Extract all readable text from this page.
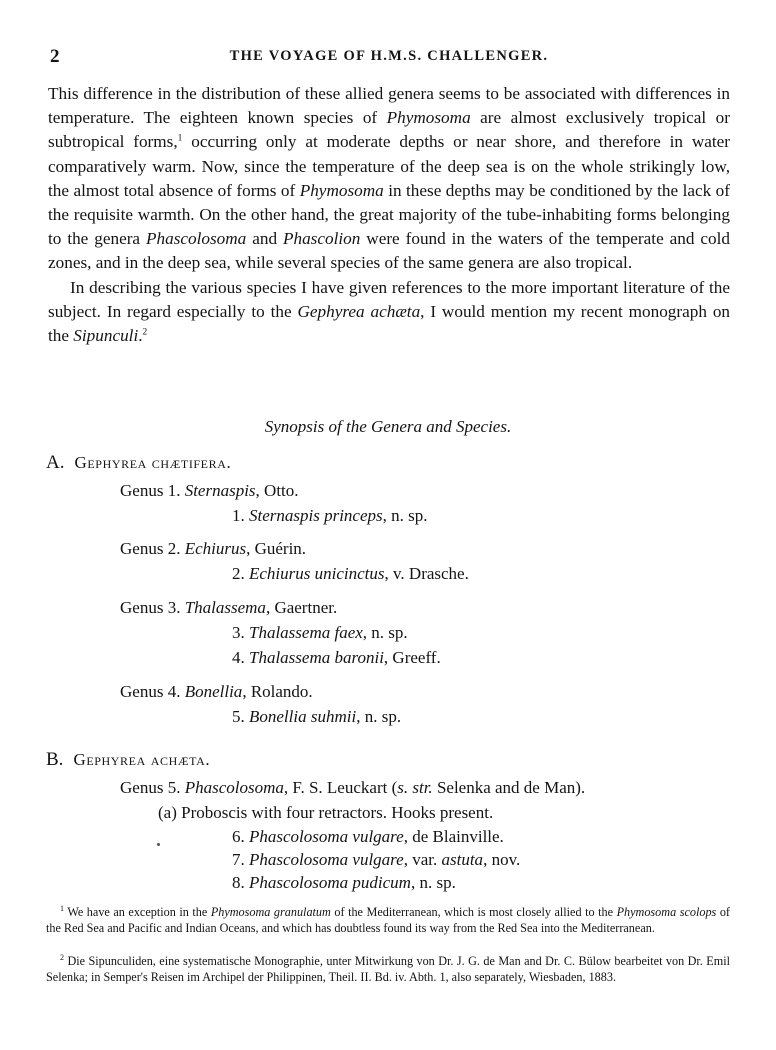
2	THE VOYAGE OF H.M.S. CHALLENGER.

This difference in the distribution of these allied genera seems to be associated with differences in temperature. The eighteen known species of Phymosoma are almost exclusively tropical or subtropical forms,$^1$ occurring only at moderate depths or near shore, and therefore in water comparatively warm. Now, since the temperature of the deep sea is on the whole strikingly low, the almost total absence of forms of Phymosoma in these depths may be conditioned by the lack of the requisite warmth. On the other hand, the great majority of the tube-inhabiting forms belonging to the genera Phascolosoma and Phascolion were found in the waters of the temperate and cold zones, and in the deep sea, while several species of the same genera are also tropical.

In describing the various species I have given references to the more important literature of the subject. In regard especially to the Gephyrea achæta, I would mention my recent monograph on the Sipunculi.$^2$

Synopsis of the Genera and Species.
A. Gephyrea chætifera.
Genus 1. Sternaspis, Otto.
1. Sternaspis princeps, n. sp.
Genus 2. Echiurus, Guérin.
2. Echiurus unicinctus, v. Drasche.
Genus 3. Thalassema, Gaertner.
3. Thalassema faex, n. sp.
4. Thalassema baronii, Greeff.
Genus 4. Bonellia, Rolando.
5. Bonellia suhmii, n. sp.
B. Gephyrea achæta.
Genus 5. Phascolosoma, F. S. Leuckart (s. str. Selenka and de Man).
(a) Proboscis with four retractors. Hooks present.
6. Phascolosoma vulgare, de Blainville.
7. Phascolosoma vulgare, var. astuta, nov.
8. Phascolosoma pudicum, n. sp.
$^1$ We have an exception in the Phymosoma granulatum of the Mediterranean, which is most closely allied to the Phymosoma scolops of the Red Sea and Pacific and Indian Oceans, and which has doubtless found its way from the Red Sea into the Mediterranean.
$^2$ Die Sipunculiden, eine systematische Monographie, unter Mitwirkung von Dr. J. G. de Man and Dr. C. Bülow bearbeitet von Dr. Emil Selenka; in Semper's Reisen im Archipel der Philippinen, Theil. II. Bd. iv. Abth. 1, also separately, Wiesbaden, 1883.
